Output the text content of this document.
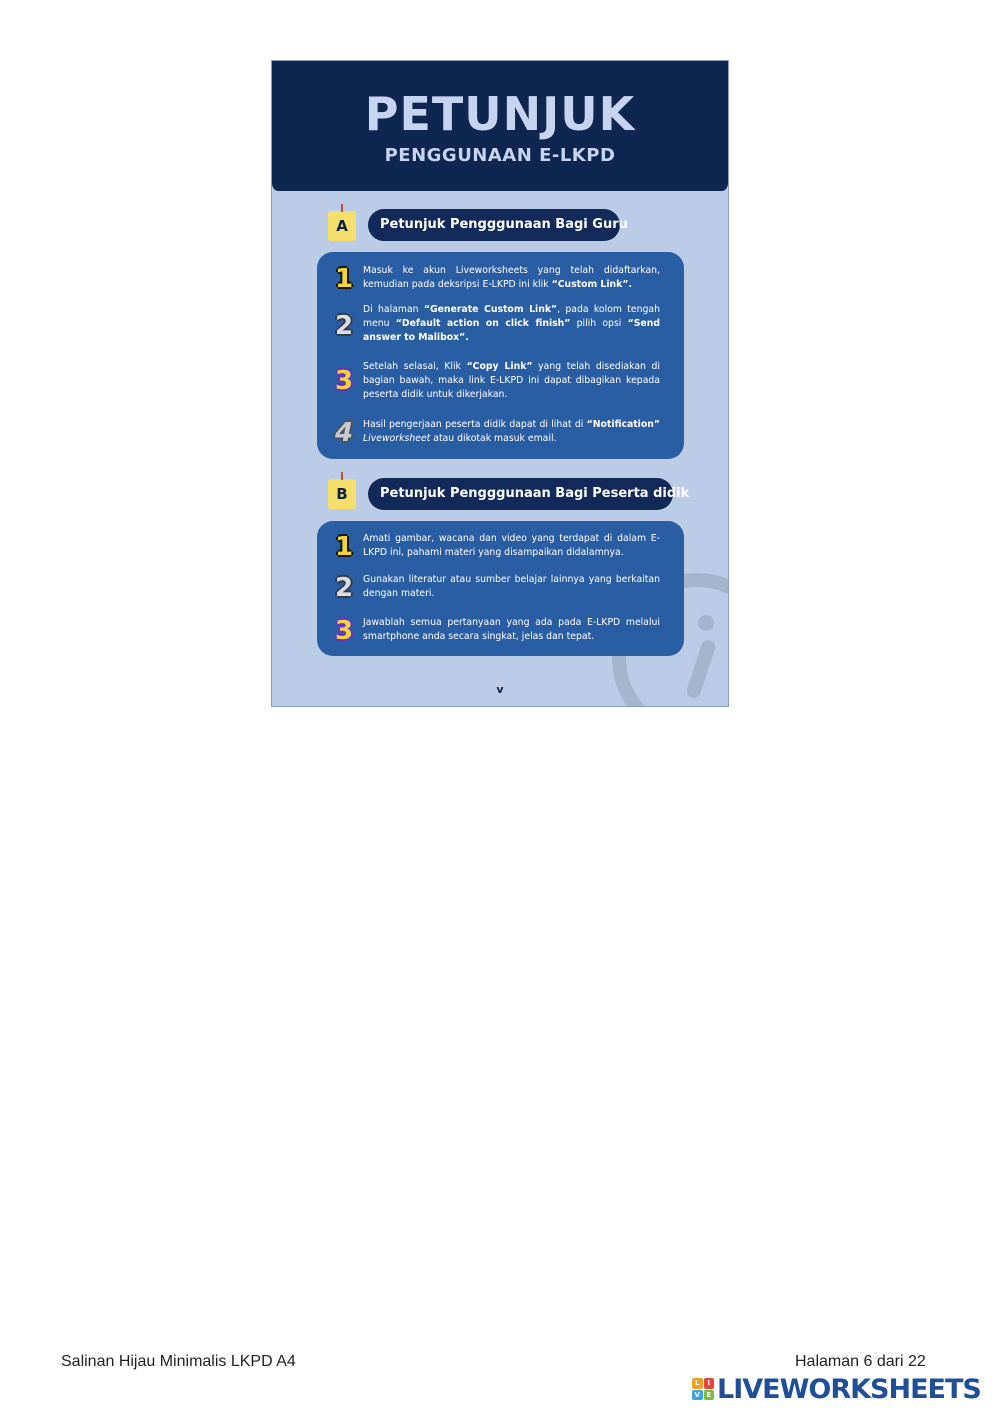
PETUNJUK
PENGGUNAAN E-LKPD
A	Petunjuk Pengggunaan Bagi Guru
1	Masuk ke akun Liveworksheets yang telah didaftarkan, kemudian pada deksripsi E-LKPD ini klik “Custom Link”.
2
Di halaman “Generate Custom Link”, pada kolom tengah menu “Default action on click finish” pilih opsi “Send answer to Malibox”.
3	Setelah selasai, Klik “Copy Link” yang telah disediakan di bagian bawah, maka link E-LKPD ini dapat dibagikan kepada peserta didik untuk dikerjakan.
4	Hasil pengerjaan peserta didik dapat di lihat di “Notification” Liveworksheet atau dikotak masuk email.
B	Petunjuk Pengggunaan Bagi Peserta didik
1	Amati gambar, wacana dan video yang terdapat di dalam E-LKPD ini, pahami materi yang disampaikan didalamnya.
2	Gunakan literatur atau sumber belajar lainnya yang berkaitan dengan materi.
3	Jawablah semua pertanyaan yang ada pada E-LKPD melalui smartphone anda secara singkat, jelas dan tepat.
v
Salinan Hijau Minimalis LKPD A4	Halaman 6 dari 22
L	I
V E LIVEWORKSHEETS
